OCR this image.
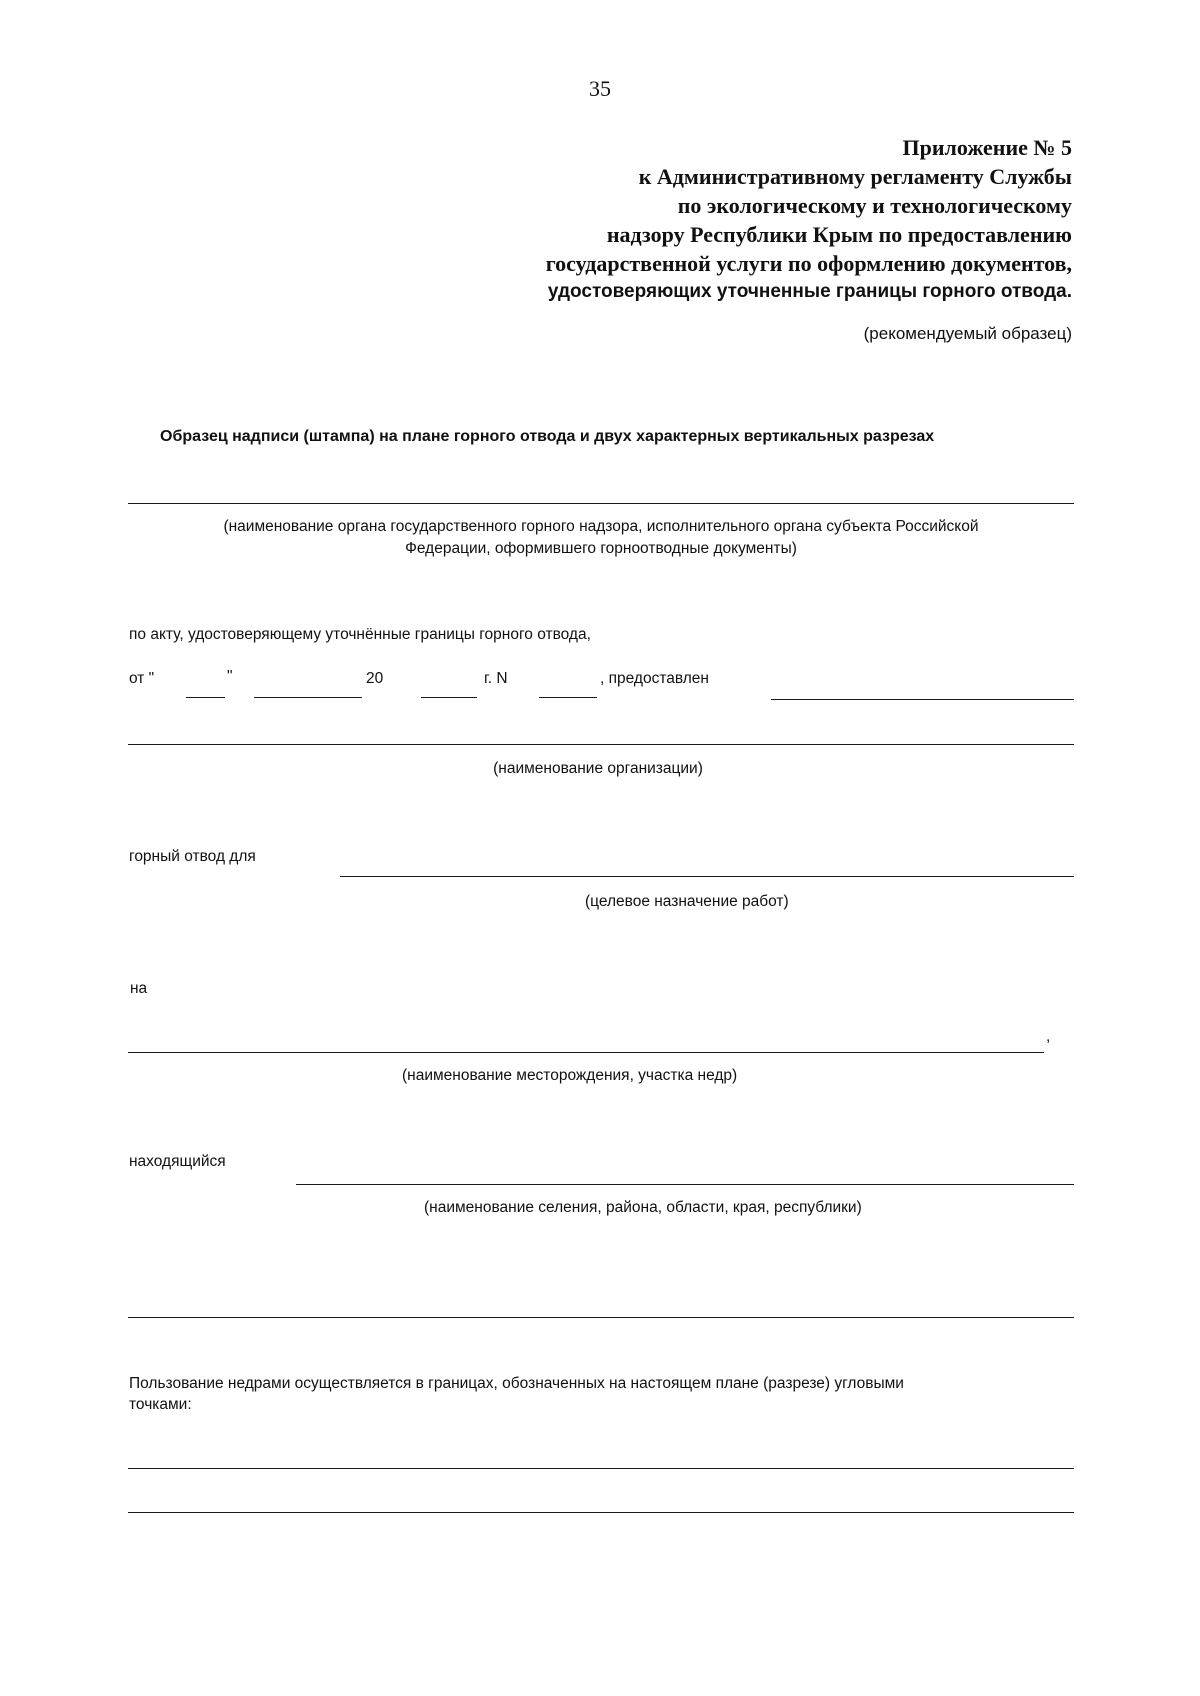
35
Приложение № 5
к Административному регламенту Службы
по экологическому и технологическому
надзору Республики Крым по предоставлению
государственной услуги по оформлению документов,
удостоверяющих уточненные границы горного отвода.
(рекомендуемый образец)
Образец надписи (штампа) на плане горного отвода и двух характерных вертикальных разрезах
(наименование органа государственного горного надзора, исполнительного органа субъекта Российской
Федерации, оформившего горноотводные документы)
по акту, удостоверяющему уточнённые границы горного отвода,
от "	"	20	г. N	, предоставлен
(наименование организации)
горный отвод для
(целевое назначение работ)
на
,
(наименование месторождения, участка недр)
находящийся
(наименование селения, района, области, края, республики)
Пользование недрами осуществляется в границах, обозначенных на настоящем плане (разрезе) угловыми
точками:
